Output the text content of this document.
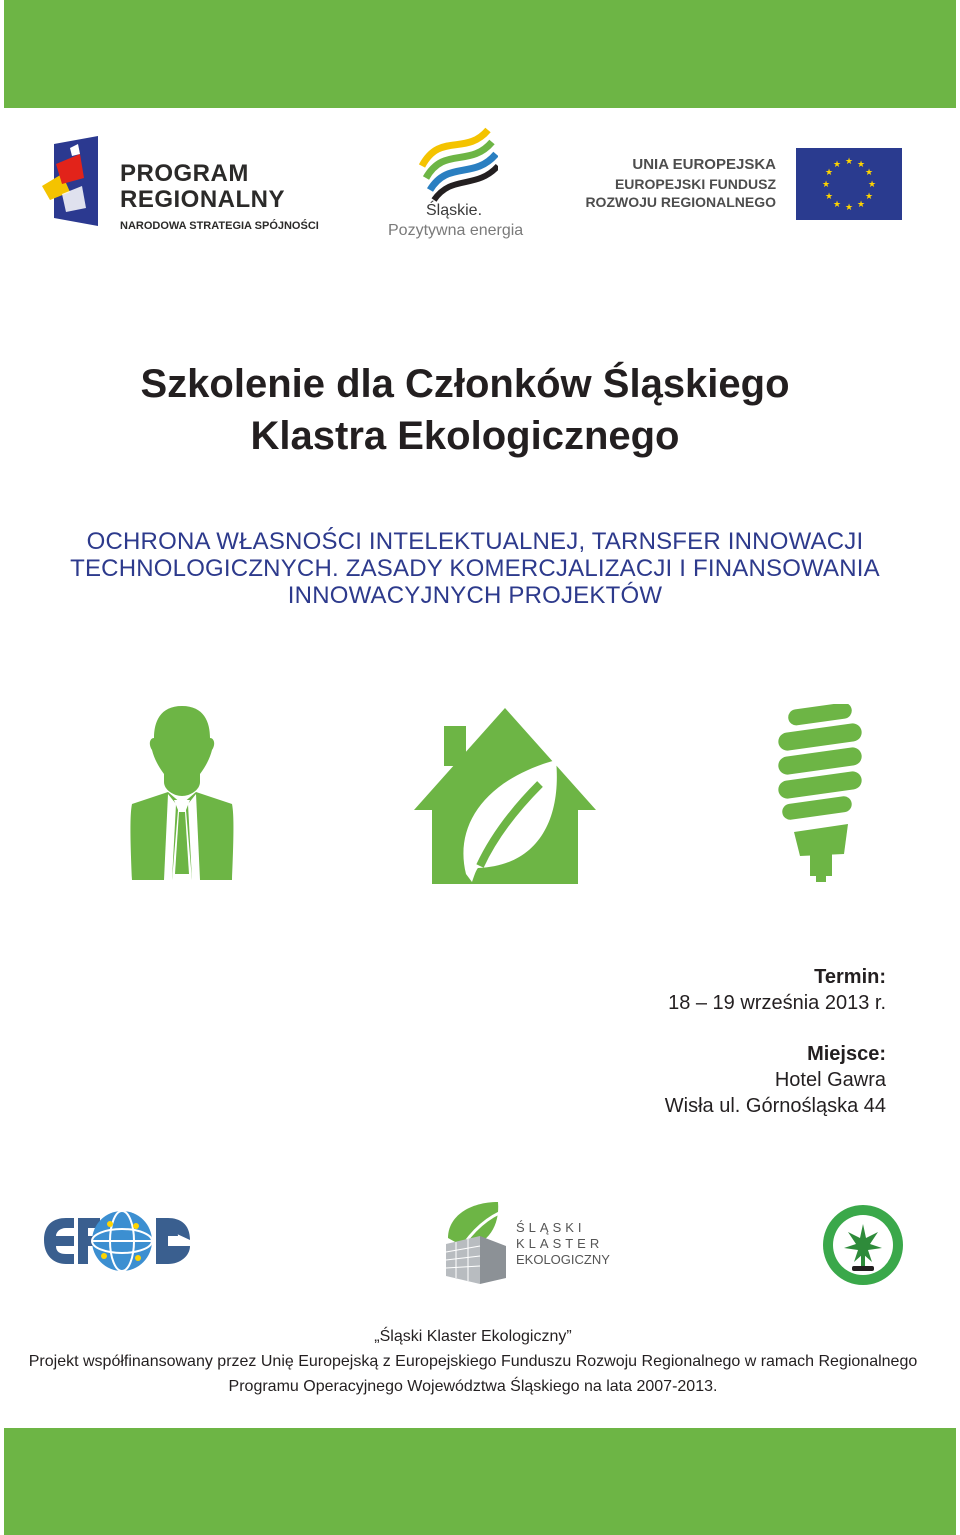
PROGRAM
REGIONALNY
NARODOWA STRATEGIA SPÓJNOŚCI
Śląskie.
Pozytywna energia
UNIA EUROPEJSKA
EUROPEJSKI FUNDUSZ
ROZWOJU REGIONALNEGO
★ ★
★
★
★
★
★
★
★
★
★
★
Szkolenie dla Członków Śląskiego
Klastra Ekologicznego
OCHRONA WŁASNOŚCI INTELEKTUALNEJ, TARNSFER INNOWACJI
TECHNOLOGICZNYCH. ZASADY KOMERCJALIZACJI I FINANSOWANIA
INNOWACYJNYCH PROJEKTÓW
Termin:
18 – 19 września 2013 r.
Miejsce:
Hotel Gawra
Wisła ul. Górnośląska 44
ŚLĄSKI
KLASTER
EKOLOGICZNY
„Śląski Klaster Ekologiczny”
Projekt współfinansowany przez Unię Europejską z Europejskiego Funduszu Rozwoju Regionalnego w ramach Regionalnego
Programu Operacyjnego Województwa Śląskiego na lata 2007-2013.
